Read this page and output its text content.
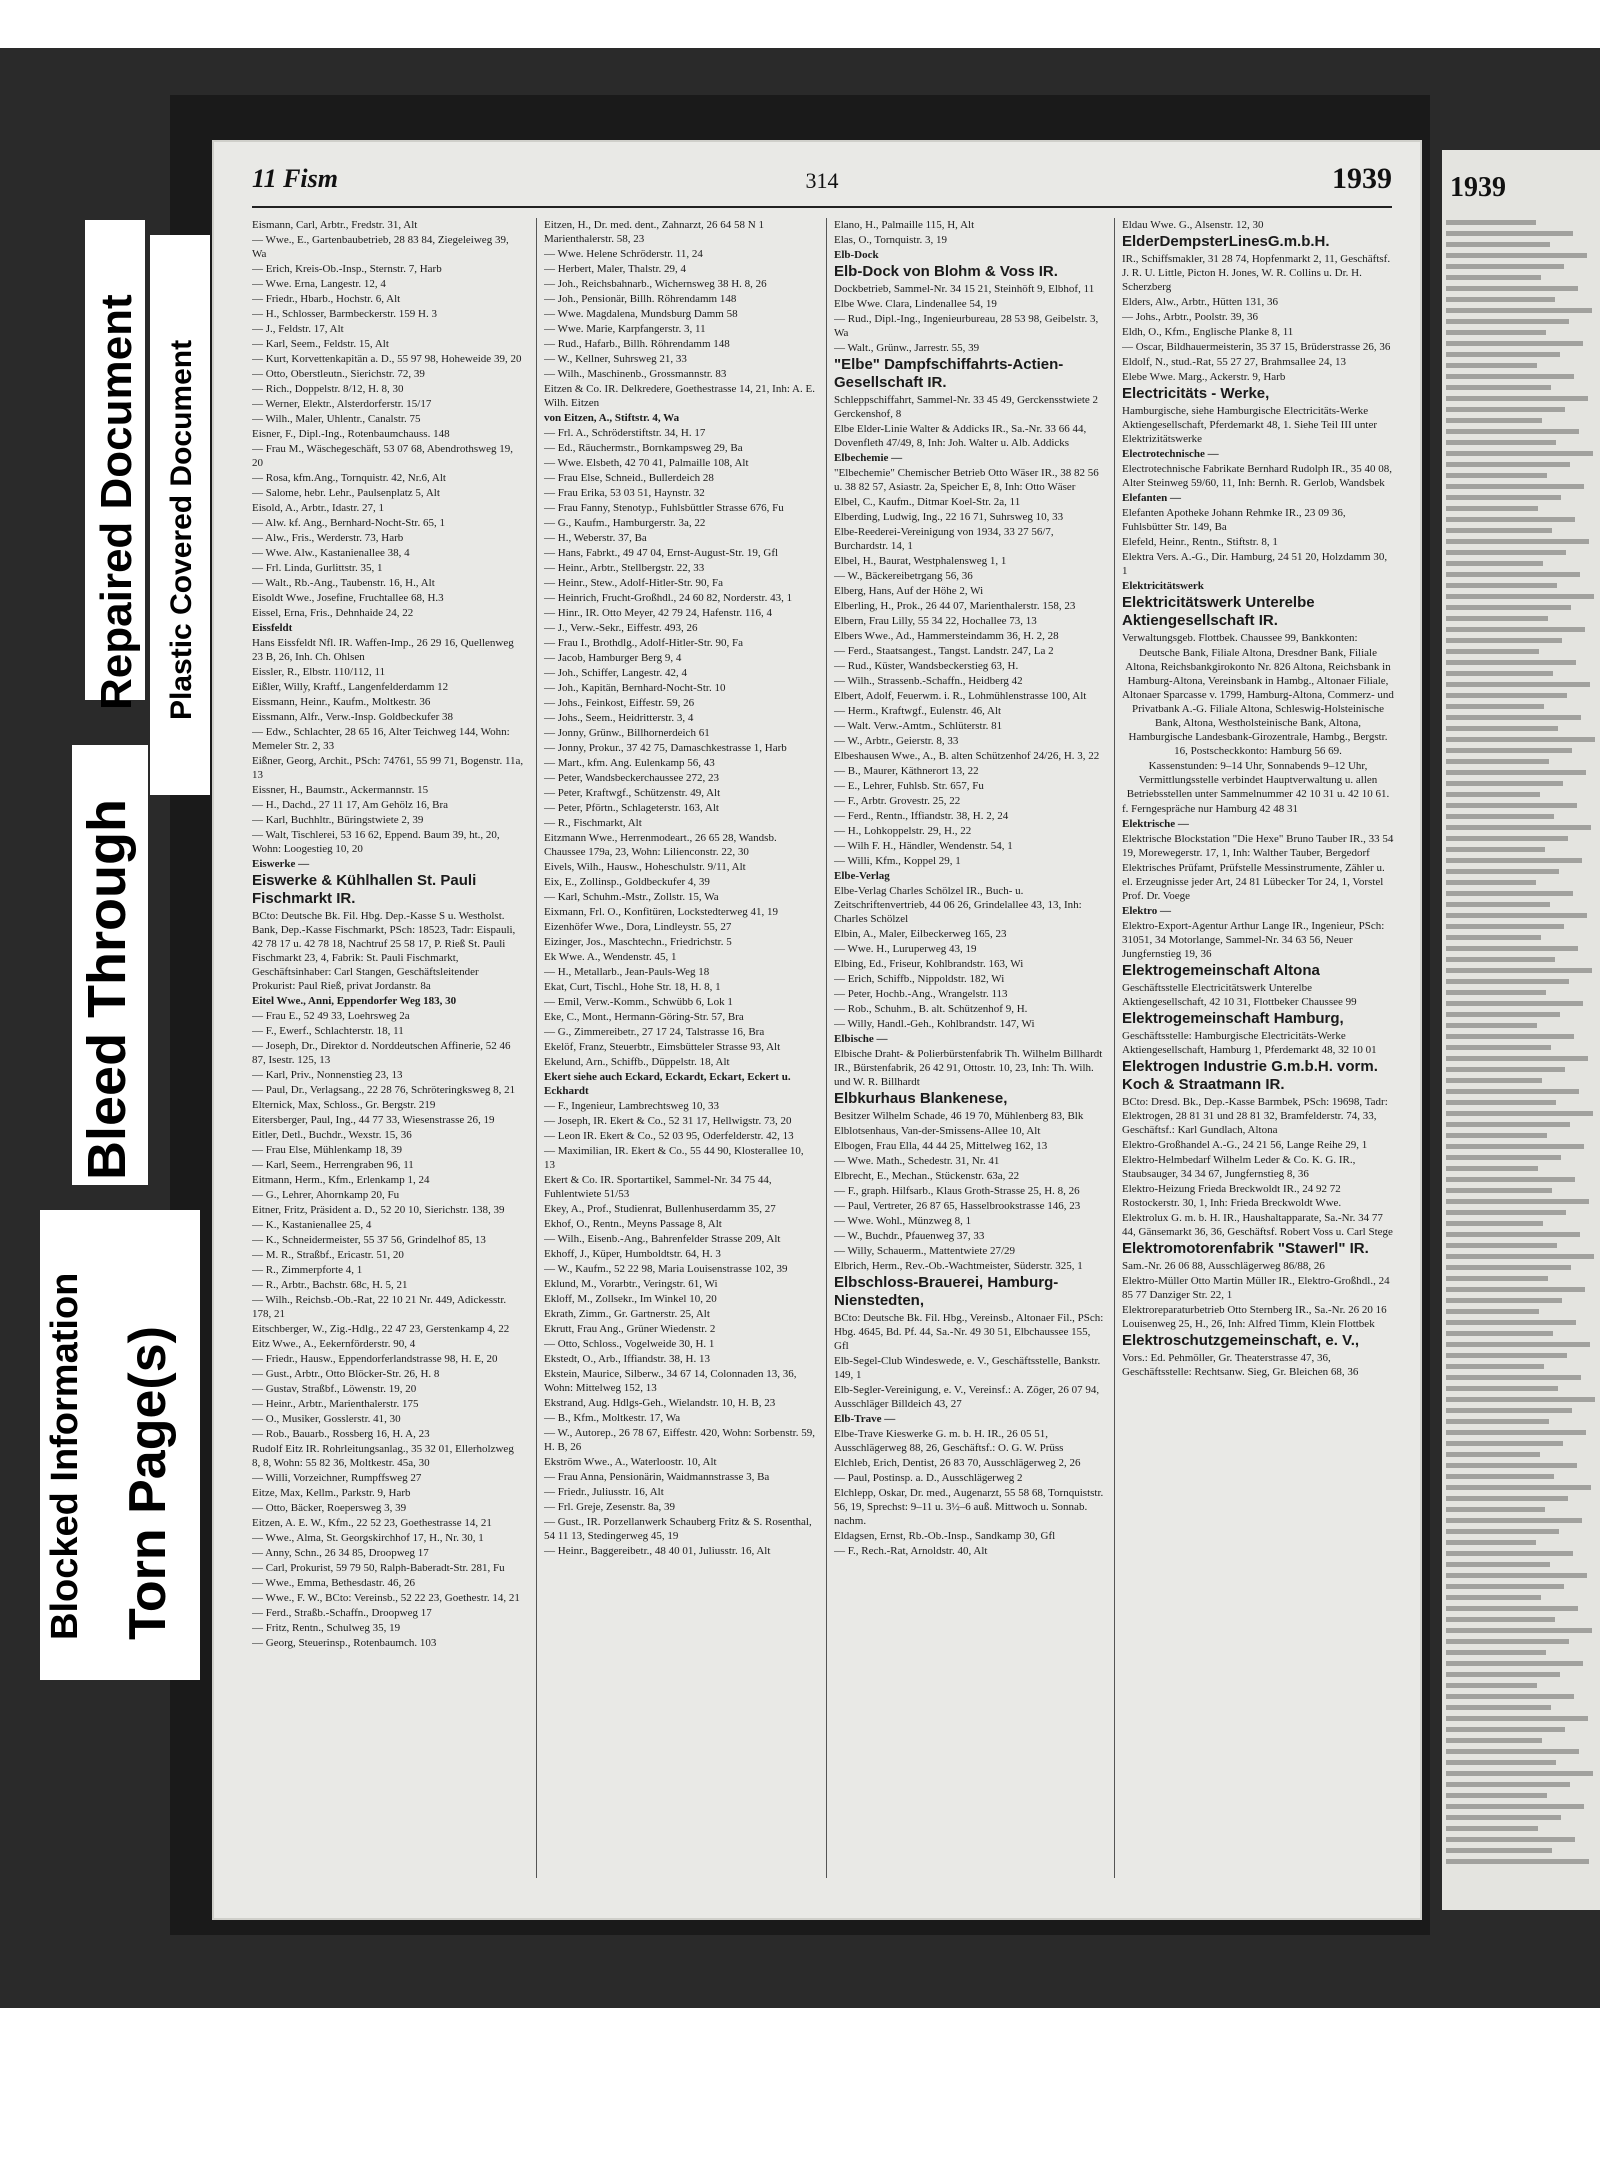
11 Fism	314	1939
Eismann, Carl, Arbtr., Fredstr. 31, Alt
— Wwe., E., Gartenbaubetrieb, 28 83 84, Ziegeleiweg 39, Wa
— Erich, Kreis-Ob.-Insp., Sternstr. 7, Harb
— Wwe. Erna, Langestr. 12, 4
— Friedr., Hbarb., Hochstr. 6, Alt
— H., Schlosser, Barmbeckerstr. 159 H. 3
— J., Feldstr. 17, Alt
— Karl, Seem., Feldstr. 15, Alt
— Kurt, Korvettenkapitän a. D., 55 97 98, Hoheweide 39, 20
— Otto, Oberstleutn., Sierichstr. 72, 39
— Rich., Doppelstr. 8/12, H. 8, 30
— Werner, Elektr., Alsterdorferstr. 15/17
— Wilh., Maler, Uhlentr., Canalstr. 75
Eisner, F., Dipl.-Ing., Rotenbaumchauss. 148
— Frau M., Wäschegeschäft, 53 07 68, Abendrothsweg 19, 20
— Rosa, kfm.Ang., Tornquistr. 42, Nr.6, Alt
— Salome, hebr. Lehr., Paulsenplatz 5, Alt
Eisold, A., Arbtr., Idastr. 27, 1
— Alw. kf. Ang., Bernhard-Nocht-Str. 65, 1
— Alw., Fris., Werderstr. 73, Harb
— Wwe. Alw., Kastanienallee 38, 4
— Frl. Linda, Gurlittstr. 35, 1
— Walt., Rb.-Ang., Taubenstr. 16, H., Alt
Eisoldt Wwe., Josefine, Fruchtallee 68, H.3
Eissel, Erna, Fris., Dehnhaide 24, 22
Eissfeldt
Hans Eissfeldt Nfl. IR. Waffen-Imp., 26 29 16, Quellenweg 23 B, 26, Inh. Ch. Ohlsen
Eissler, R., Elbstr. 110/112, 11
Eißler, Willy, Kraftf., Langenfelderdamm 12
Eissmann, Heinr., Kaufm., Moltkestr. 36
Eissmann, Alfr., Verw.-Insp. Goldbeckufer 38
— Edw., Schlachter, 28 65 16, Alter Teichweg 144, Wohn: Memeler Str. 2, 33
Eißner, Georg, Archit., PSch: 74761, 55 99 71, Bogenstr. 11a, 13
Eissner, H., Baumstr., Ackermannstr. 15
— H., Dachd., 27 11 17, Am Gehölz 16, Bra
— Karl, Buchhltr., Büringstwiete 2, 39
— Walt, Tischlerei, 53 16 62, Eppend. Baum 39, ht., 20, Wohn: Loogestieg 10, 20
Eiswerke —
Eiswerke & Kühlhallen St. Pauli Fischmarkt IR.
BCto: Deutsche Bk. Fil. Hbg. Dep.-Kasse S u. Westholst. Bank, Dep.-Kasse Fischmarkt, PSch: 18523, Tadr: Eispauli, 42 78 17 u. 42 78 18, Nachtruf 25 58 17, P. Rieß St. Pauli Fischmarkt 23, 4, Fabrik: St. Pauli Fischmarkt, Geschäftsinhaber: Carl Stangen, Geschäftsleitender Prokurist: Paul Rieß, privat Jordanstr. 8a
Eitel Wwe., Anni, Eppendorfer Weg 183, 30
— Frau E., 52 49 33, Loehrsweg 2a
— F., Ewerf., Schlachterstr. 18, 11
— Joseph, Dr., Direktor d. Norddeutschen Affinerie, 52 46 87, Isestr. 125, 13
— Karl, Priv., Nonnenstieg 23, 13
— Paul, Dr., Verlagsang., 22 28 76, Schröteringksweg 8, 21
Elternick, Max, Schloss., Gr. Bergstr. 219
Eitersberger, Paul, Ing., 44 77 33, Wiesenstrasse 26, 19
Eitler, Detl., Buchdr., Wexstr. 15, 36
— Frau Else, Mühlenkamp 18, 39
— Karl, Seem., Herrengraben 96, 11
Eitmann, Herm., Kfm., Erlenkamp 1, 24
— G., Lehrer, Ahornkamp 20, Fu
Eitner, Fritz, Präsident a. D., 52 20 10, Sierichstr. 138, 39
— K., Kastanienallee 25, 4
— K., Schneidermeister, 55 37 56, Grindelhof 85, 13
— M. R., Straßbf., Ericastr. 51, 20
— R., Zimmerpforte 4, 1
— R., Arbtr., Bachstr. 68c, H. 5, 21
— Wilh., Reichsb.-Ob.-Rat, 22 10 21 Nr. 449, Adickesstr. 178, 21
Eitschberger, W., Zig.-Hdlg., 22 47 23, Gerstenkamp 4, 22
Eitz Wwe., A., Eekernförderstr. 90, 4
— Friedr., Hausw., Eppendorferlandstrasse 98, H. E, 20
— Gust., Arbtr., Otto Blöcker-Str. 26, H. 8
— Gustav, Straßbf., Löwenstr. 19, 20
— Heinr., Arbtr., Marienthalerstr. 175
— O., Musiker, Gosslerstr. 41, 30
— Rob., Bauarb., Rossberg 16, H. A, 23
Rudolf Eitz IR. Rohrleitungsanlag., 35 32 01, Ellerholzweg 8, 8, Wohn: 55 82 36, Moltkestr. 45a, 30
— Willi, Vorzeichner, Rumpffsweg 27
Eitze, Max, Kellm., Parkstr. 9, Harb
— Otto, Bäcker, Roepersweg 3, 39
Eitzen, A. E. W., Kfm., 22 52 23, Goethestrasse 14, 21
— Wwe., Alma, St. Georgskirchhof 17, H., Nr. 30, 1
— Anny, Schn., 26 34 85, Droopweg 17
— Carl, Prokurist, 59 79 50, Ralph-Baberadt-Str. 281, Fu
— Wwe., Emma, Bethesdastr. 46, 26
— Wwe., F. W., BCto: Vereinsb., 52 22 23, Goethestr. 14, 21
— Ferd., Straßb.-Schaffn., Droopweg 17
— Fritz, Rentn., Schulweg 35, 19
— Georg, Steuerinsp., Rotenbaumch. 103
Eitzen, H., Dr. med. dent., Zahnarzt, 26 64 58 N 1 Marienthalerstr. 58, 23
— Wwe. Helene Schröderstr. 11, 24
— Herbert, Maler, Thalstr. 29, 4
— Joh., Reichsbahnarb., Wichernsweg 38 H. 8, 26
— Joh., Pensionär, Billh. Röhrendamm 148
— Wwe. Magdalena, Mundsburg Damm 58
— Wwe. Marie, Karpfangerstr. 3, 11
— Rud., Hafarb., Billh. Röhrendamm 148
— W., Kellner, Suhrsweg 21, 33
— Wilh., Maschinenb., Grossmannstr. 83
Eitzen & Co. IR. Delkredere, Goethestrasse 14, 21, Inh: A. E. Wilh. Eitzen
von Eitzen, A., Stiftstr. 4, Wa
— Frl. A., Schröderstiftstr. 34, H. 17
— Ed., Räuchermstr., Bornkampsweg 29, Ba
— Wwe. Elsbeth, 42 70 41, Palmaille 108, Alt
— Frau Else, Schneid., Bullerdeich 28
— Frau Erika, 53 03 51, Haynstr. 32
— Frau Fanny, Stenotyp., Fuhlsbüttler Strasse 676, Fu
— G., Kaufm., Hamburgerstr. 3a, 22
— H., Weberstr. 37, Ba
— Hans, Fabrkt., 49 47 04, Ernst-August-Str. 19, Gfl
— Heinr., Arbtr., Stellbergstr. 22, 33
— Heinr., Stew., Adolf-Hitler-Str. 90, Fa
— Heinrich, Frucht-Großhdl., 24 60 82, Norderstr. 43, 1
— Hinr., IR. Otto Meyer, 42 79 24, Hafenstr. 116, 4
— J., Verw.-Sekr., Eiffestr. 493, 26
— Frau I., Brothdlg., Adolf-Hitler-Str. 90, Fa
— Jacob, Hamburger Berg 9, 4
— Joh., Schiffer, Langestr. 42, 4
— Joh., Kapitän, Bernhard-Nocht-Str. 10
— Johs., Feinkost, Eiffestr. 59, 26
— Johs., Seem., Heidritterstr. 3, 4
— Jonny, Grünw., Billhornerdeich 61
— Jonny, Prokur., 37 42 75, Damaschkestrasse 1, Harb
— Mart., kfm. Ang. Eulenkamp 56, 43
— Peter, Wandsbeckerchaussee 272, 23
— Peter, Kraftwgf., Schützenstr. 49, Alt
— Peter, Pförtn., Schlageterstr. 163, Alt
— R., Fischmarkt, Alt
Eitzmann Wwe., Herrenmodeart., 26 65 28, Wandsb. Chaussee 179a, 23, Wohn: Lilienconstr. 22, 30
Eivels, Wilh., Hausw., Hoheschulstr. 9/11, Alt
Eix, E., Zollinsp., Goldbeckufer 4, 39
— Karl, Schuhm.-Mstr., Zollstr. 15, Wa
Eixmann, Frl. O., Konfitüren, Lockstedterweg 41, 19
Eizenhöfer Wwe., Dora, Lindleystr. 55, 27
Eizinger, Jos., Maschtechn., Friedrichstr. 5
Ek Wwe. A., Wendenstr. 45, 1
— H., Metallarb., Jean-Pauls-Weg 18
Ekat, Curt, Tischl., Hohe Str. 18, H. 8, 1
— Emil, Verw.-Komm., Schwübb 6, Lok 1
Eke, C., Mont., Hermann-Göring-Str. 57, Bra
— G., Zimmereibetr., 27 17 24, Talstrasse 16, Bra
Ekelöf, Franz, Steuerbtr., Eimsbütteler Strasse 93, Alt
Ekelund, Arn., Schiffb., Düppelstr. 18, Alt
Ekert siehe auch Eckard, Eckardt, Eckart, Eckert u. Eckhardt
— F., Ingenieur, Lambrechtsweg 10, 33
— Joseph, IR. Ekert & Co., 52 31 17, Hellwigstr. 73, 20
— Leon IR. Ekert & Co., 52 03 95, Oderfelderstr. 42, 13
— Maximilian, IR. Ekert & Co., 55 44 90, Klosterallee 10, 13
Ekert & Co. IR. Sportartikel, Sammel-Nr. 34 75 44, Fuhlentwiete 51/53
Ekey, A., Prof., Studienrat, Bullenhuserdamm 35, 27
Ekhof, O., Rentn., Meyns Passage 8, Alt
— Wilh., Eisenb.-Ang., Bahrenfelder Strasse 209, Alt
Ekhoff, J., Küper, Humboldtstr. 64, H. 3
— W., Kaufm., 52 22 98, Maria Louisenstrasse 102, 39
Eklund, M., Vorarbtr., Veringstr. 61, Wi
Ekloff, M., Zollsekr., Im Winkel 10, 20
Ekrath, Zimm., Gr. Gartnerstr. 25, Alt
Ekrutt, Frau Ang., Grüner Wiedenstr. 2
— Otto, Schloss., Vogelweide 30, H. 1
Ekstedt, O., Arb., Iffiandstr. 38, H. 13
Ekstein, Maurice, Silberw., 34 67 14, Colonnaden 13, 36, Wohn: Mittelweg 152, 13
Ekstrand, Aug. Hdlgs-Geh., Wielandstr. 10, H. B, 23
— B., Kfm., Moltkestr. 17, Wa
— W., Autorep., 26 78 67, Eiffestr. 420, Wohn: Sorbenstr. 59, H. B, 26
Ekström Wwe., A., Waterloostr. 10, Alt
— Frau Anna, Pensionärin, Waidmannstrasse 3, Ba
— Friedr., Juliusstr. 16, Alt
— Frl. Greje, Zesenstr. 8a, 39
— Gust., IR. Porzellanwerk Schauberg Fritz & S. Rosenthal, 54 11 13, Stedingerweg 45, 19
— Heinr., Baggereibetr., 48 40 01, Juliusstr. 16, Alt
Elano, H., Palmaille 115, H, Alt
Elas, O., Tornquistr. 3, 19
Elb-Dock
Elb-Dock von Blohm & Voss IR.
Dockbetrieb, Sammel-Nr. 34 15 21, Steinhöft 9, Elbhof, 11
Elbe Wwe. Clara, Lindenallee 54, 19
— Rud., Dipl.-Ing., Ingenieurbureau, 28 53 98, Geibelstr. 3, Wa
— Walt., Grünw., Jarrestr. 55, 39
"Elbe" Dampfschiffahrts-Actien-Gesellschaft IR.
Schleppschiffahrt, Sammel-Nr. 33 45 49, Gerckensstwiete 2 Gerckenshof, 8
Elbe Elder-Linie Walter & Addicks IR., Sa.-Nr. 33 66 44, Dovenfleth 47/49, 8, Inh: Joh. Walter u. Alb. Addicks
Elbechemie —
"Elbechemie" Chemischer Betrieb Otto Wäser IR., 38 82 56 u. 38 82 57, Asiastr. 2a, Speicher E, 8, Inh: Otto Wäser
Elbel, C., Kaufm., Ditmar Koel-Str. 2a, 11
Elberding, Ludwig, Ing., 22 16 71, Suhrsweg 10, 33
Elbe-Reederei-Vereinigung von 1934, 33 27 56/7, Burchardstr. 14, 1
Elbel, H., Baurat, Westphalensweg 1, 1
— W., Bäckereibetrgang 56, 36
Elberg, Hans, Auf der Höhe 2, Wi
Elberling, H., Prok., 26 44 07, Marienthalerstr. 158, 23
Elbern, Frau Lilly, 55 34 22, Hochallee 73, 13
Elbers Wwe., Ad., Hammersteindamm 36, H. 2, 28
— Ferd., Staatsangest., Tangst. Landstr. 247, La 2
— Rud., Küster, Wandsbeckerstieg 63, H.
— Wilh., Strassenb.-Schaffn., Heidberg 42
Elbert, Adolf, Feuerwm. i. R., Lohmühlenstrasse 100, Alt
— Herm., Kraftwgf., Eulenstr. 46, Alt
— Walt. Verw.-Amtm., Schlüterstr. 81
— W., Arbtr., Geierstr. 8, 33
Elbeshausen Wwe., A., B. alten Schützenhof 24/26, H. 3, 22
— B., Maurer, Käthnerort 13, 22
— E., Lehrer, Fuhlsb. Str. 657, Fu
— F., Arbtr. Grovestr. 25, 22
— Ferd., Rentn., Iffiandstr. 38, H. 2, 24
— H., Lohkoppelstr. 29, H., 22
— Wilh F. H., Händler, Wendenstr. 54, 1
— Willi, Kfm., Koppel 29, 1
Elbe-Verlag
Elbe-Verlag Charles Schölzel IR., Buch- u. Zeitschriftenvertrieb, 44 06 26, Grindelallee 43, 13, Inh: Charles Schölzel
Elbin, A., Maler, Eilbeckerweg 165, 23
— Wwe. H., Luruperweg 43, 19
Elbing, Ed., Friseur, Kohlbrandstr. 163, Wi
— Erich, Schiffb., Nippoldstr. 182, Wi
— Peter, Hochb.-Ang., Wrangelstr. 113
— Rob., Schuhm., B. alt. Schützenhof 9, H.
— Willy, Handl.-Geh., Kohlbrandstr. 147, Wi
Elbische —
Elbische Draht- & Polierbürstenfabrik Th. Wilhelm Billhardt IR., Bürstenfabrik, 26 42 91, Ottostr. 10, 23, Inh: Th. Wilh. und W. R. Billhardt
Elbkurhaus Blankenese,
Besitzer Wilhelm Schade, 46 19 70, Mühlenberg 83, Blk
Elblotsenhaus, Van-der-Smissens-Allee 10, Alt
Elbogen, Frau Ella, 44 44 25, Mittelweg 162, 13
— Wwe. Math., Schedestr. 31, Nr. 41
Elbrecht, E., Mechan., Stückenstr. 63a, 22
— F., graph. Hilfsarb., Klaus Groth-Strasse 25, H. 8, 26
— Paul, Vertreter, 26 87 65, Hasselbrookstrasse 146, 23
— Wwe. Wohl., Münzweg 8, 1
— W., Buchdr., Pfauenweg 37, 33
— Willy, Schauerm., Mattentwiete 27/29
Elbrich, Herm., Rev.-Ob.-Wachtmeister, Süderstr. 325, 1
Elbschloss-Brauerei, Hamburg-Nienstedten,
BCto: Deutsche Bk. Fil. Hbg., Vereinsb., Altonaer Fil., PSch: Hbg. 4645, Bd. Pf. 44, Sa.-Nr. 49 30 51, Elbchaussee 155, Gfl
Elb-Segel-Club Windeswede, e. V., Geschäftsstelle, Bankstr. 149, 1
Elb-Segler-Vereinigung, e. V., Vereinsf.: A. Zöger, 26 07 94, Ausschläger Billdeich 43, 27
Elb-Trave —
Elbe-Trave Kieswerke G. m. b. H. IR., 26 05 51, Ausschlägerweg 88, 26, Geschäftsf.: O. G. W. Prüss
Elchleb, Erich, Dentist, 26 83 70, Ausschlägerweg 2, 26
— Paul, Postinsp. a. D., Ausschlägerweg 2
Elchlepp, Oskar, Dr. med., Augenarzt, 55 58 68, Tornquiststr. 56, 19, Sprechst: 9–11 u. 3½–6 auß. Mittwoch u. Sonnab. nachm.
Eldagsen, Ernst, Rb.-Ob.-Insp., Sandkamp 30, Gfl
— F., Rech.-Rat, Arnoldstr. 40, Alt
Eldau Wwe. G., Alsenstr. 12, 30
ElderDempsterLinesG.m.b.H.
IR., Schiffsmakler, 31 28 74, Hopfenmarkt 2, 11, Geschäftsf. J. R. U. Little, Picton H. Jones, W. R. Collins u. Dr. H. Scherzberg
Elders, Alw., Arbtr., Hütten 131, 36
— Johs., Arbtr., Poolstr. 39, 36
Eldh, O., Kfm., Englische Planke 8, 11
— Oscar, Bildhauermeisterin, 35 37 15, Brüderstrasse 26, 36
Eldolf, N., stud.-Rat, 55 27 27, Brahmsallee 24, 13
Elebe Wwe. Marg., Ackerstr. 9, Harb
Electricitäts - Werke,
Hamburgische, siehe Hamburgische Electricitäts-Werke Aktiengesellschaft, Pferdemarkt 48, 1. Siehe Teil III unter Elektrizitätswerke
Electrotechnische —
Electrotechnische Fabrikate Bernhard Rudolph IR., 35 40 08, Alter Steinweg 59/60, 11, Inh: Bernh. R. Gerlob, Wandsbek
Elefanten —
Elefanten Apotheke Johann Rehmke IR., 23 09 36, Fuhlsbütter Str. 149, Ba
Elefeld, Heinr., Rentn., Stiftstr. 8, 1
Elektra Vers. A.-G., Dir. Hamburg, 24 51 20, Holzdamm 30, 1
Elektricitätswerk
Elektricitätswerk Unterelbe Aktiengesellschaft IR.
Verwaltungsgeb. Flottbek. Chaussee 99, Bankkonten:
Deutsche Bank, Filiale Altona, Dresdner Bank, Filiale Altona, Reichsbankgirokonto Nr. 826 Altona, Reichsbank in Hamburg-Altona, Vereinsbank in Hambg., Altonaer Filiale, Altonaer Sparcasse v. 1799, Hamburg-Altona, Commerz- und Privatbank A.-G. Filiale Altona, Schleswig-Holsteinische Bank, Altona, Westholsteinische Bank, Altona, Hamburgische Landesbank-Girozentrale, Hambg., Bergstr. 16, Postscheckkonto: Hamburg 56 69.
Kassenstunden: 9–14 Uhr, Sonnabends 9–12 Uhr, Vermittlungsstelle verbindet Hauptverwaltung u. allen Betriebsstellen unter Sammelnummer 42 10 31 u. 42 10 61.
f. Ferngespräche nur Hamburg 42 48 31
Elektrische —
Elektrische Blockstation "Die Hexe" Bruno Tauber IR., 33 54 19, Morewegerstr. 17, 1, Inh: Walther Tauber, Bergedorf
Elektrisches Prüfamt, Prüfstelle Messinstrumente, Zähler u. el. Erzeugnisse jeder Art, 24 81 Lübecker Tor 24, 1, Vorstel Prof. Dr. Voege
Elektro —
Elektro-Export-Agentur Arthur Lange IR., Ingenieur, PSch: 31051, 34 Motorlange, Sammel-Nr. 34 63 56, Neuer Jungfernstieg 19, 36
Elektrogemeinschaft Altona
Geschäftsstelle Electricitätswerk Unterelbe Aktiengesellschaft, 42 10 31, Flottbeker Chaussee 99
Elektrogemeinschaft Hamburg,
Geschäftsstelle: Hamburgische Electricitäts-Werke Aktiengesellschaft, Hamburg 1, Pferdemarkt 48, 32 10 01
Elektrogen Industrie G.m.b.H. vorm. Koch & Straatmann IR.
BCto: Dresd. Bk., Dep.-Kasse Barmbek, PSch: 19698, Tadr: Elektrogen, 28 81 31 und 28 81 32, Bramfelderstr. 74, 33, Geschäftsf.: Karl Gundlach, Altona
Elektro-Großhandel A.-G., 24 21 56, Lange Reihe 29, 1
Elektro-Helmbedarf Wilhelm Leder & Co. K. G. IR., Staubsauger, 34 34 67, Jungfernstieg 8, 36
Elektro-Heizung Frieda Breckwoldt IR., 24 92 72 Rostockerstr. 30, 1, Inh: Frieda Breckwoldt Wwe.
Elektrolux G. m. b. H. IR., Haushaltapparate, Sa.-Nr. 34 77 44, Gänsemarkt 36, 36, Geschäftsf. Robert Voss u. Carl Stege
Elektromotorenfabrik "Stawerl" IR.
Sam.-Nr. 26 06 88, Ausschlägerweg 86/88, 26
Elektro-Müller Otto Martin Müller IR., Elektro-Großhdl., 24 85 77 Danziger Str. 22, 1
Elektroreparaturbetrieb Otto Sternberg IR., Sa.-Nr. 26 20 16 Louisenweg 25, H., 26, Inh: Alfred Timm, Klein Flottbek
Elektroschutzgemeinschaft, e. V.,
Vors.: Ed. Pehmöller, Gr. Theaterstrasse 47, 36, Geschäftsstelle: Rechtsanw. Sieg, Gr. Bleichen 68, 36
1939
Plastic Covered Document
Repaired Document
Bleed Through
Blocked Information Torn Page(s)
